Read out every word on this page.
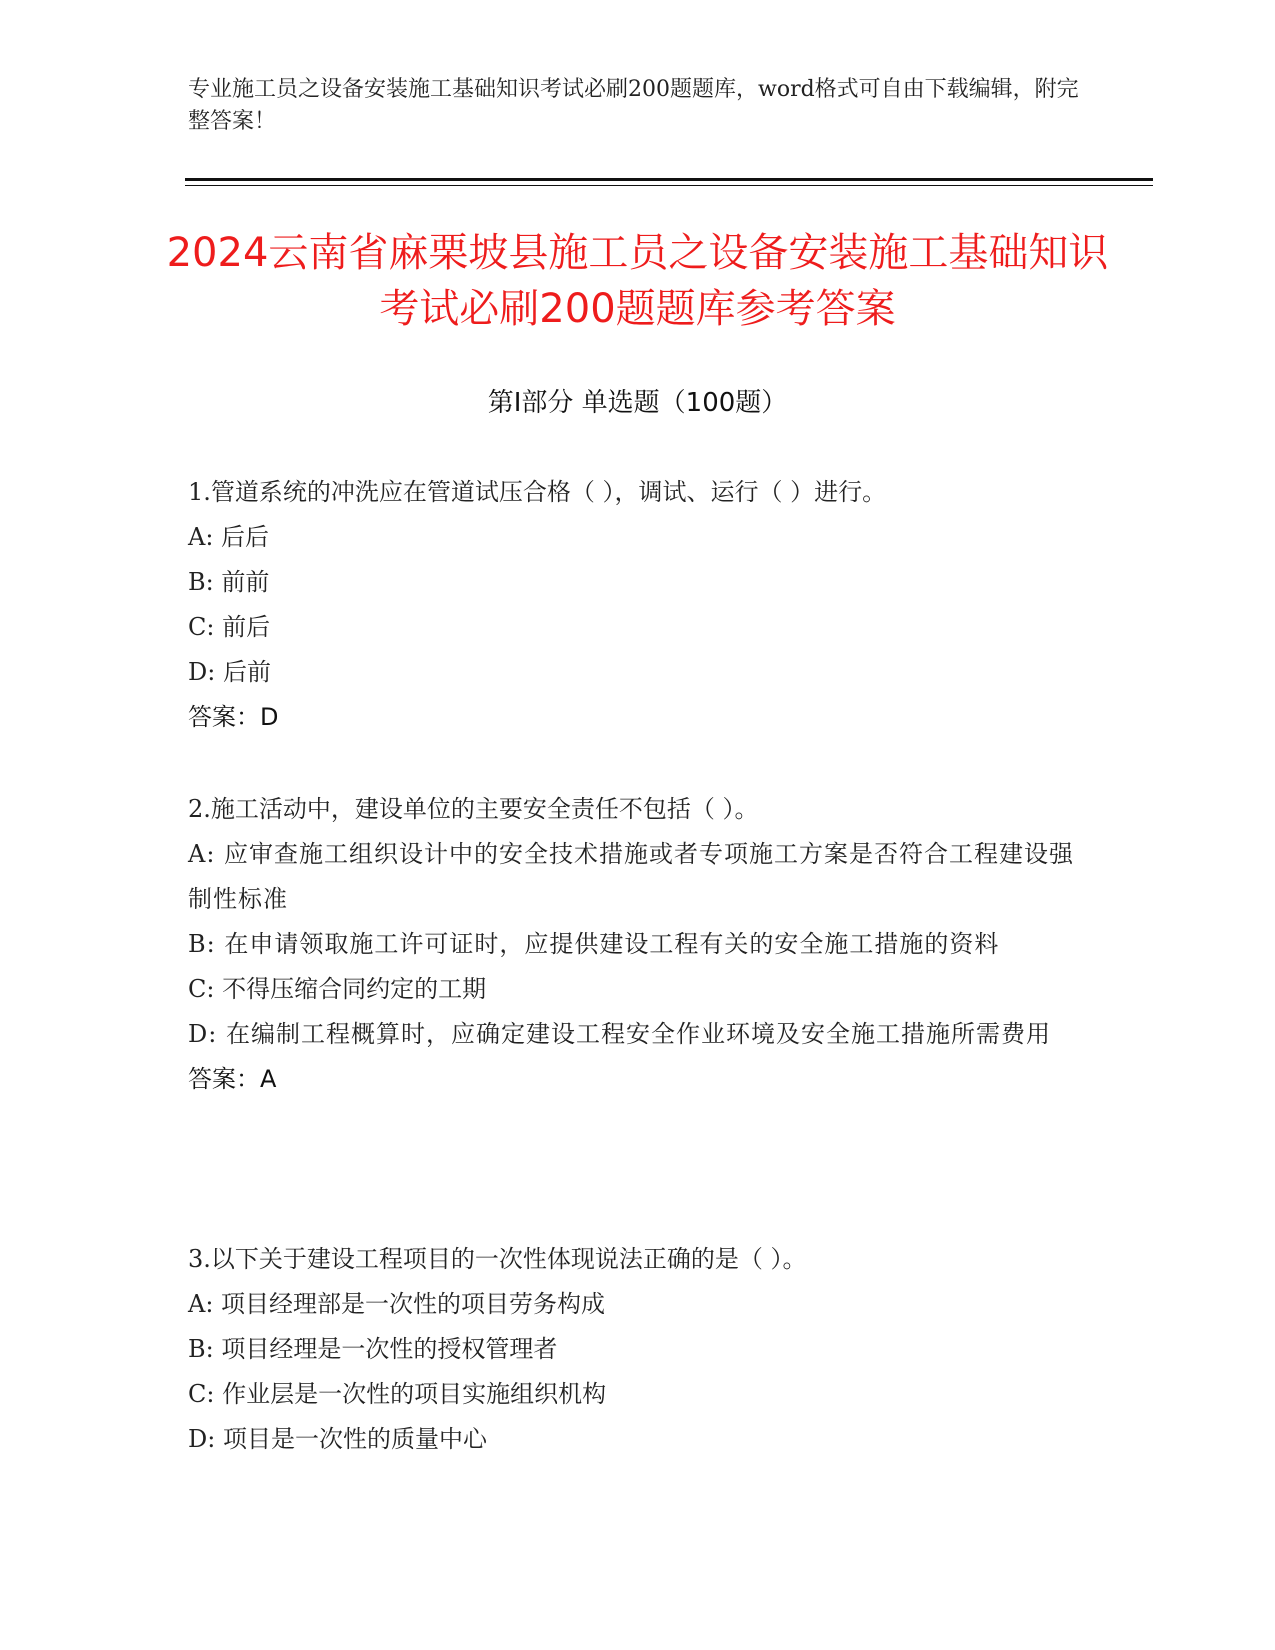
专业施工员之设备安装施工基础知识考试必刷200题题库，word格式可自由下载编辑，附完整答案！
2024云南省麻栗坡县施工员之设备安装施工基础知识考试必刷200题题库参考答案
第Ⅰ部分 单选题（100题）
1.管道系统的冲洗应在管道试压合格（ ），调试、运行（ ）进行。
A: 后后
B: 前前
C: 前后
D: 后前
答案：D
2.施工活动中，建设单位的主要安全责任不包括（ ）。
A: 应审查施工组织设计中的安全技术措施或者专项施工方案是否符合工程建设强制性标准
B: 在申请领取施工许可证时，应提供建设工程有关的安全施工措施的资料
C: 不得压缩合同约定的工期
D: 在编制工程概算时，应确定建设工程安全作业环境及安全施工措施所需费用
答案：A
3.以下关于建设工程项目的一次性体现说法正确的是（ ）。
A: 项目经理部是一次性的项目劳务构成
B: 项目经理是一次性的授权管理者
C: 作业层是一次性的项目实施组织机构
D: 项目是一次性的质量中心
